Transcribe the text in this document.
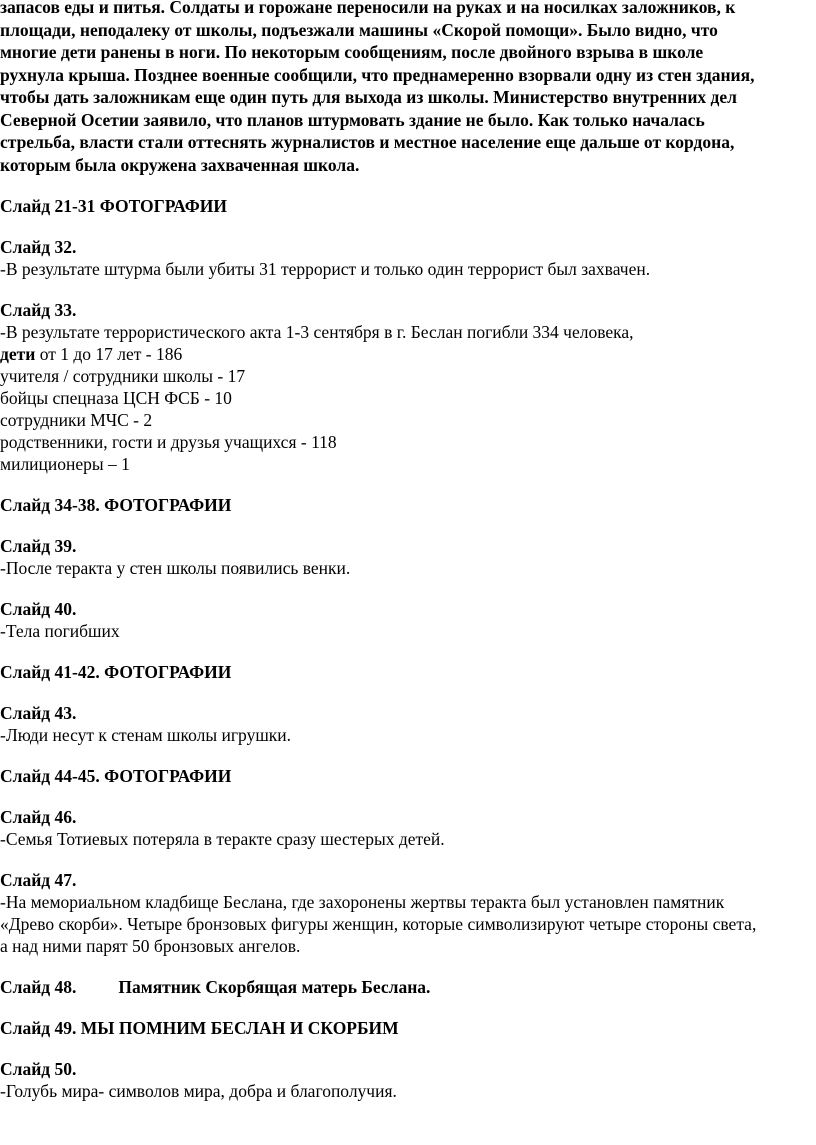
запасов еды и питья. Солдаты и горожане переносили на руках и на носилках заложников, к
площади, неподалеку от школы, подъезжали машины «Скорой помощи». Было видно, что
многие дети ранены в ноги. По некоторым сообщениям, после двойного взрыва в школе
рухнула крыша. Позднее военные сообщили, что преднамеренно взорвали одну из стен здания,
чтобы дать заложникам еще один путь для выхода из школы. Министерство внутренних дел
Северной Осетии заявило, что планов штурмовать здание не было. Как только началась
стрельба, власти стали оттеснять журналистов и местное население еще дальше от кордона,
которым была окружена захваченная школа.

Слайд 21-31 ФОТОГРАФИИ

Слайд 32.

-В результате штурма были убиты 31 террорист и только один террорист был захвачен.

Слайд 33.

-В результате террористического акта 1-3 сентября в г. Беслан погибли 334 человека,

дети от 1 до 17 лет - 186

учителя / сотрудники школы - 17

бойцы спецназа ЦСН ФСБ - 10

сотрудники МЧС - 2

родственники, гости и друзья учащихся - 118

милиционеры – 1

Слайд 34-38. ФОТОГРАФИИ

Слайд 39.

-После теракта у стен школы появились венки.

Слайд 40.

-Тела погибших

Слайд 41-42. ФОТОГРАФИИ

Слайд 43.

-Люди несут к стенам школы игрушки.

Слайд 44-45. ФОТОГРАФИИ

Слайд 46.

-Семья Тотиевых потеряла в теракте сразу шестерых детей.

Слайд 47.

-На мемориальном кладбище Беслана, где захоронены жертвы теракта был установлен памятник

«Древо скорби». Четыре бронзовых фигуры женщин, которые символизируют четыре стороны света,

а над ними парят 50 бронзовых ангелов.

Слайд 48. Памятник Скорбящая матерь Беслана.

Слайд 49. МЫ ПОМНИМ БЕСЛАН И СКОРБИМ

Слайд 50.

-Голубь мира- символов мира, добра и благополучия.
